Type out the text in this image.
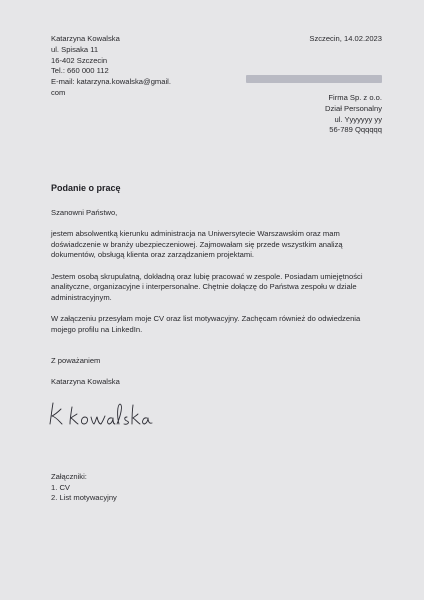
Katarzyna Kowalska
ul. Spisaka 11
16-402 Szczecin
Tel.: 660 000 112
E-mail: katarzyna.kowalska@gmail.
com
Szczecin, 14.02.2023
Firma Sp. z o.o.
Dział Personalny
ul. Yyyyyyy yy
56-789 Qqqqqq
Podanie o pracę

Szanowni Państwo,

jestem absolwentką kierunku administracja na Uniwersytecie Warszawskim oraz mam doświadczenie w branży ubezpieczeniowej. Zajmowałam się przede wszystkim analizą dokumentów, obsługą klienta oraz zarządzaniem projektami.

Jestem osobą skrupulatną, dokładną oraz lubię pracować w zespole. Posiadam umiejętności analityczne, organizacyjne i interpersonalne. Chętnie dołączę do Państwa zespołu w dziale administracyjnym.

W załączeniu przesyłam moje CV oraz list motywacyjny. Zachęcam również do odwiedzenia mojego profilu na LinkedIn.

Z poważaniem
Katarzyna Kowalska
Załączniki:
1. CV
2. List motywacyjny
